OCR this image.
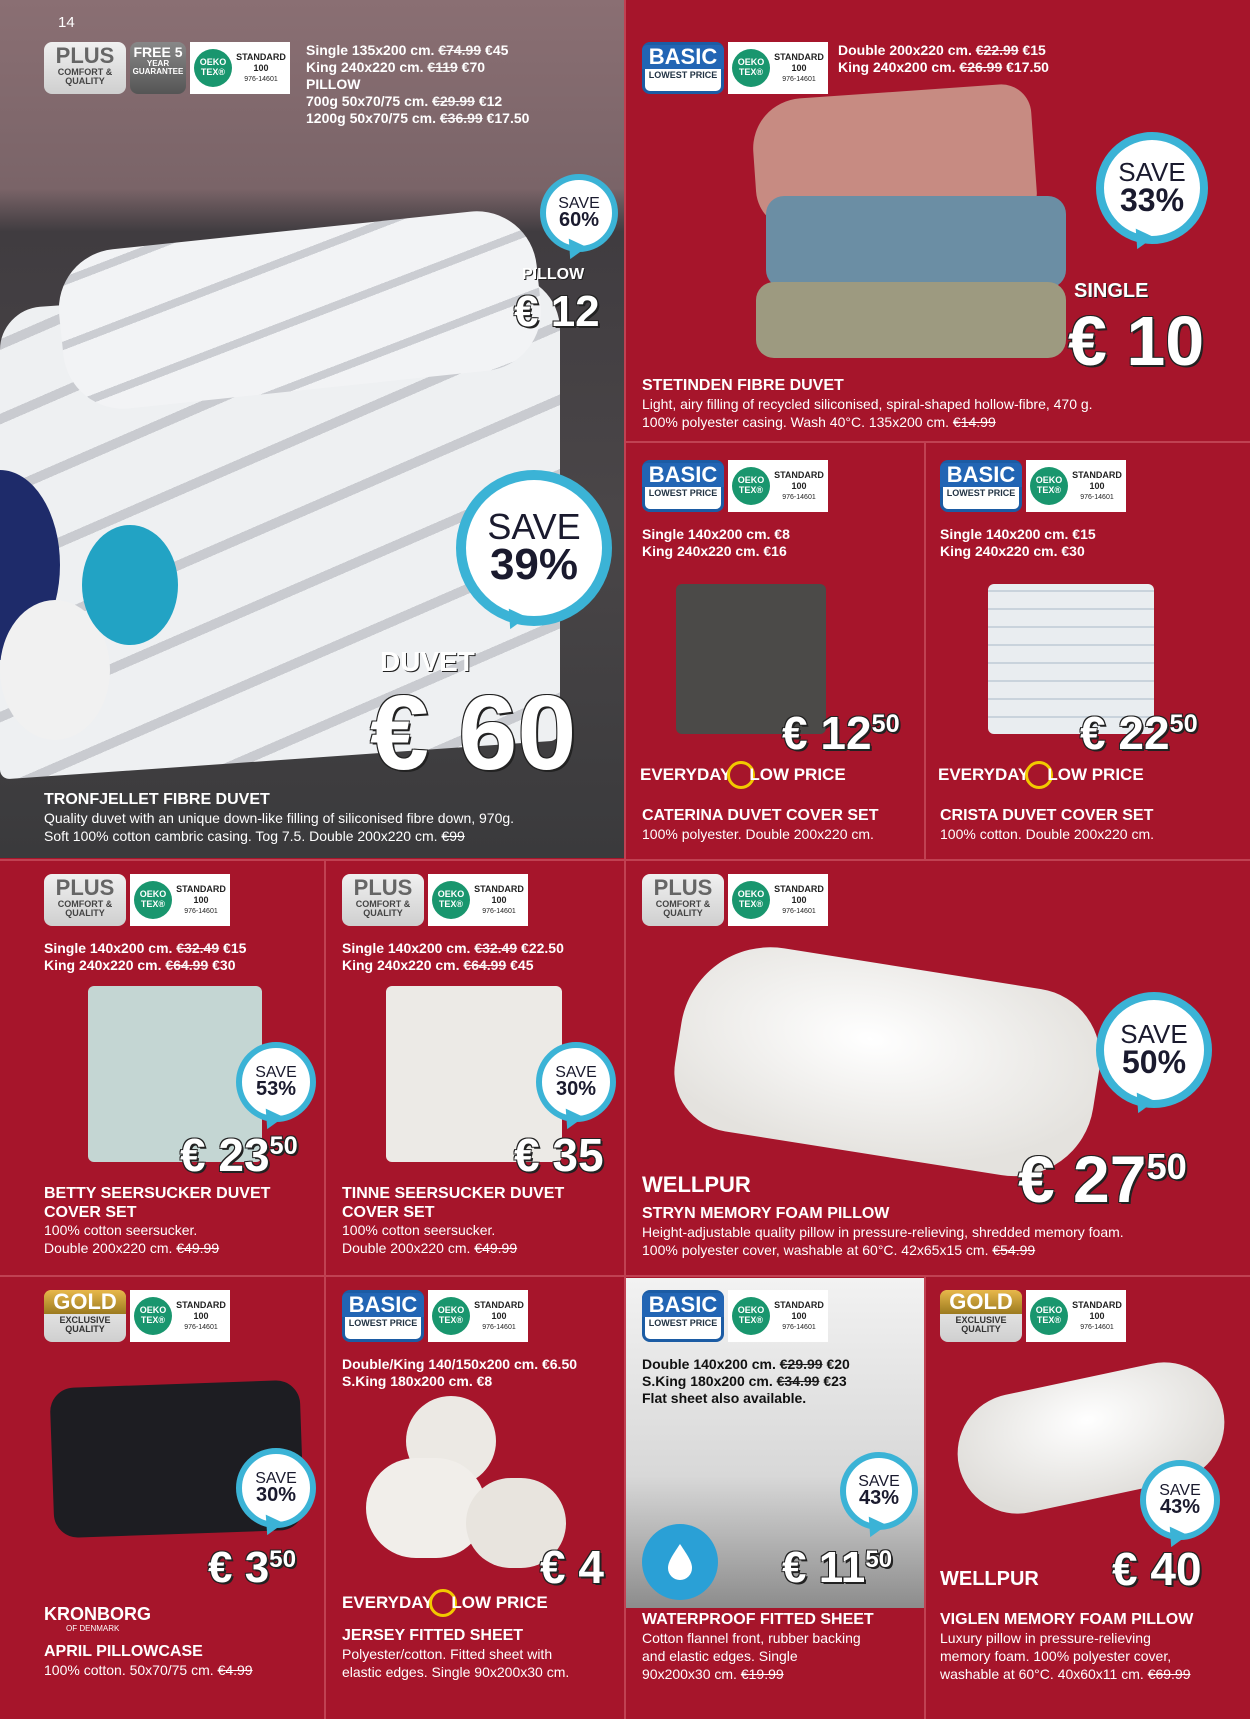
14
PLUS
COMFORT & QUALITY
FREE 5
YEAR GUARANTEE
OEKO TEX®
STANDARD
100
976-14601
Single 135x200 cm. €74.99 €45
King 240x220 cm. €119 €70
PILLOW
700g 50x70/75 cm. €29.99 €12
1200g 50x70/75 cm. €36.99 €17.50
SAVE
60%
PILLOW
€ 12
SAVE
39%
DUVET
€ 60
TRONFJELLET FIBRE DUVET
Quality duvet with an unique down-like filling of siliconised fibre down, 970g.
Soft 100% cotton cambric casing. Tog 7.5. Double 200x220 cm. €99
BASIC
LOWEST PRICE
OEKO TEX®
STANDARD
100
976-14601
Double 200x220 cm. €22.99 €15
King 240x200 cm. €26.99 €17.50
SAVE
33%
SINGLE
€ 10
STETINDEN FIBRE DUVET
Light, airy filling of recycled siliconised, spiral-shaped hollow-fibre, 470 g.
100% polyester casing. Wash 40°C. 135x200 cm. €14.99
BASIC
LOWEST PRICE
OEKO TEX®
STANDARD
100
976-14601
Single 140x200 cm. €8
King 240x220 cm. €16
€ $12^{50}$
EVERYDAY LOW PRICE
CATERINA DUVET COVER SET
100% polyester. Double 200x220 cm.
BASIC
LOWEST PRICE
OEKO TEX®
STANDARD
100
976-14601
Single 140x200 cm. €15
King 240x220 cm. €30
€ $22^{50}$
EVERYDAY LOW PRICE
CRISTA DUVET COVER SET
100% cotton. Double 200x220 cm.
PLUS
COMFORT & QUALITY
OEKO TEX®
STANDARD
100
976-14601
Single 140x200 cm. €32.49 €15
King 240x220 cm. €64.99 €30
SAVE
53%
€ $23^{50}$
BETTY SEERSUCKER DUVET
COVER SET
100% cotton seersucker.
Double 200x220 cm. €49.99
PLUS
COMFORT & QUALITY
OEKO TEX®
STANDARD
100
976-14601
Single 140x200 cm. €32.49 €22.50
King 240x220 cm. €64.99 €45
SAVE
30%
€ 35
TINNE SEERSUCKER DUVET
COVER SET
100% cotton seersucker.
Double 200x220 cm. €49.99
PLUS
COMFORT & QUALITY
OEKO TEX®
STANDARD
100
976-14601
SAVE
50%
WELLPUR	€ $27^{50}$
STRYN MEMORY FOAM PILLOW
Height-adjustable quality pillow in pressure-relieving, shredded memory foam.
100% polyester cover, washable at 60°C. 42x65x15 cm. €54.99
GOLD
EXCLUSIVE QUALITY
OEKO TEX®
STANDARD
100
976-14601
SAVE
30%
€ $3^{50}$
KRONBORG
OF DENMARK
APRIL PILLOWCASE
100% cotton. 50x70/75 cm. €4.99
BASIC
LOWEST PRICE
OEKO TEX®
STANDARD
100
976-14601
Double/King 140/150x200 cm. €6.50
S.King 180x200 cm. €8
€ 4
EVERYDAY LOW PRICE
JERSEY FITTED SHEET
Polyester/cotton. Fitted sheet with
elastic edges. Single 90x200x30 cm.
BASIC
LOWEST PRICE
OEKO TEX®
STANDARD
100
976-14601
Double 140x200 cm. €29.99 €20
S.King 180x200 cm. €34.99 €23
Flat sheet also available.
SAVE
43%
€ $11^{50}$
WATERPROOF FITTED SHEET
Cotton flannel front, rubber backing
and elastic edges. Single
90x200x30 cm. €19.99
GOLD
EXCLUSIVE QUALITY
OEKO TEX®
STANDARD
100
976-14601
SAVE
43%
WELLPUR € 40
VIGLEN MEMORY FOAM PILLOW
Luxury pillow in pressure-relieving
memory foam. 100% polyester cover,
washable at 60°C. 40x60x11 cm. €69.99
